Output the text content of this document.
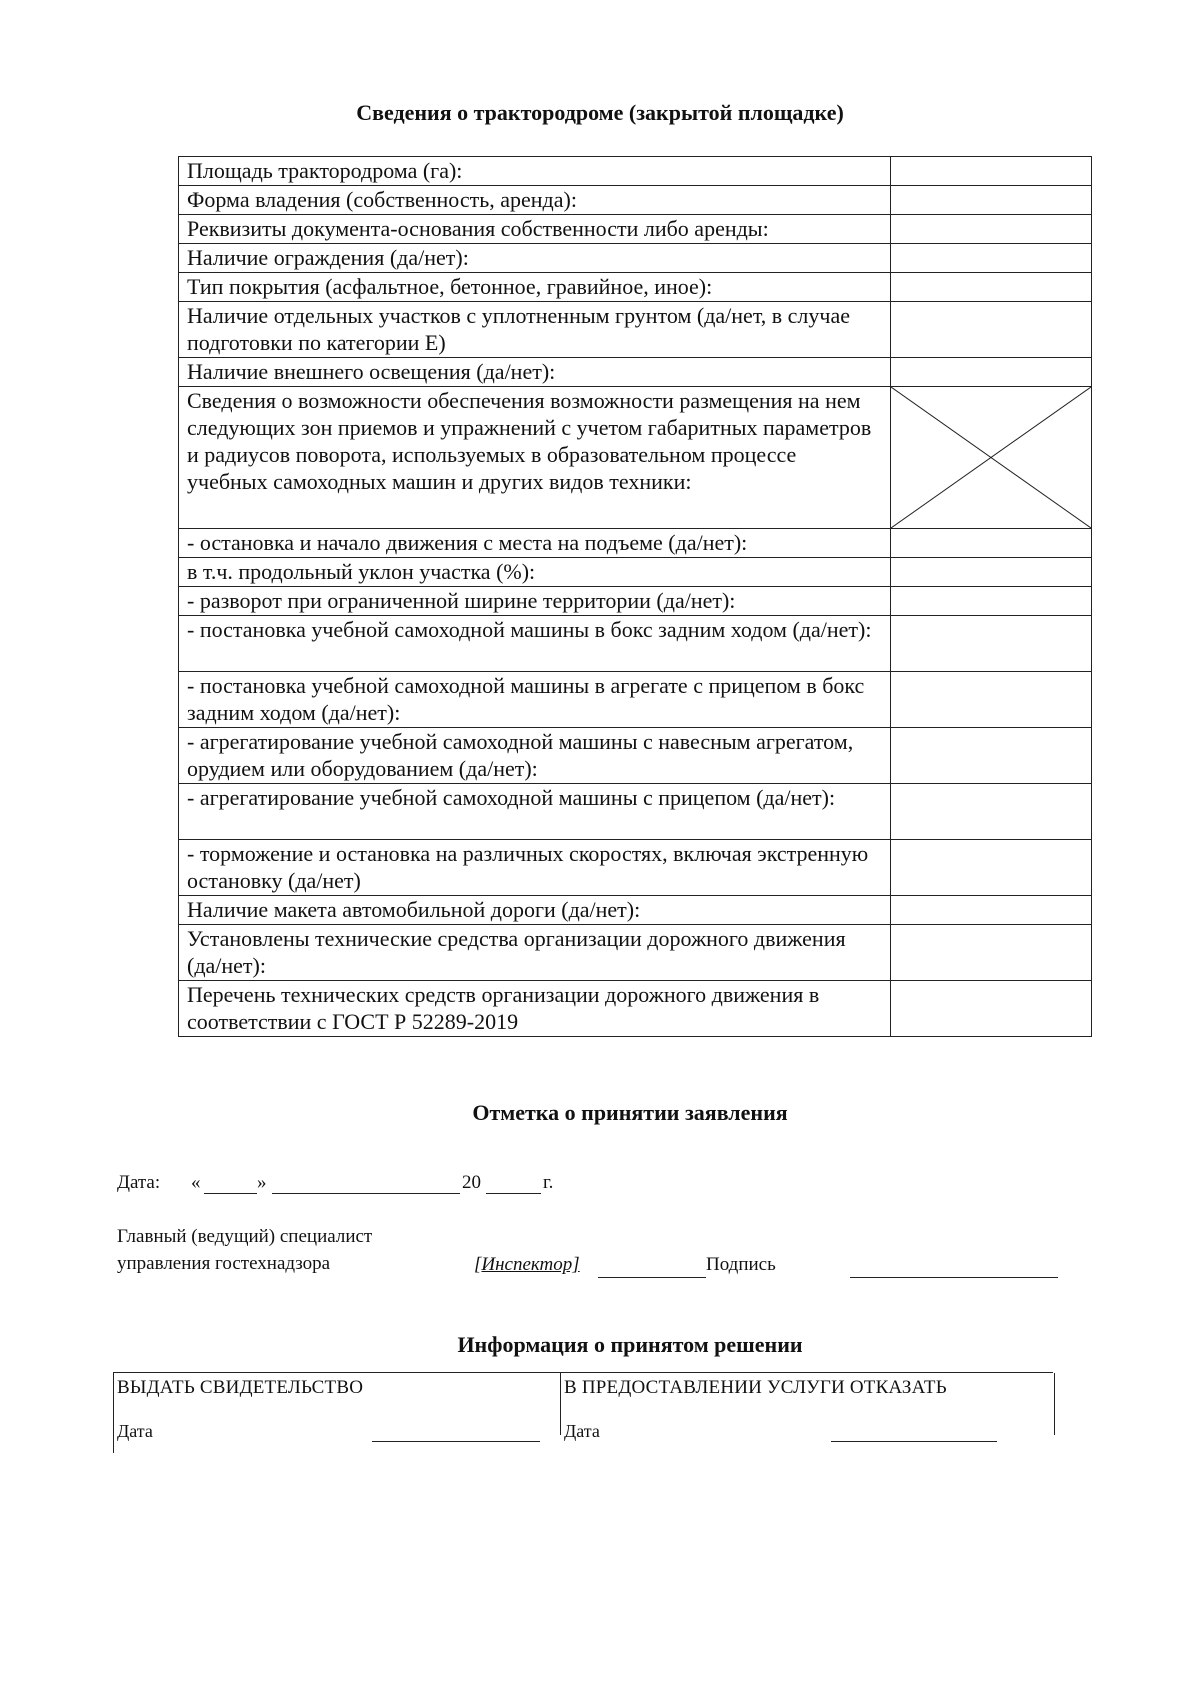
Сведения о трактородроме (закрытой площадке)
Площадь трактородрома (га):	
Форма владения (собственность, аренда):	
Реквизиты документа-основания собственности либо аренды:	
Наличие ограждения (да/нет):	
Тип покрытия (асфальтное, бетонное, гравийное, иное):	
Наличие отдельных участков с уплотненным грунтом (да/нет, в случае подготовки по категории Е)	
Наличие внешнего освещения (да/нет):	
Сведения о возможности обеспечения возможности размещения на нем следующих зон приемов и упражнений с учетом габаритных параметров и радиусов поворота, используемых в образовательном процессе учебных самоходных машин и других видов техники:	

- остановка и начало движения с места на подъеме (да/нет):	
в т.ч. продольный уклон участка (%):	
- разворот при ограниченной ширине территории (да/нет):	
- постановка учебной самоходной машины в бокс задним ходом (да/нет):	
- постановка учебной самоходной машины в агрегате с прицепом в бокс задним ходом (да/нет):	
- агрегатирование учебной самоходной машины с навесным агрегатом, орудием или оборудованием (да/нет):	
- агрегатирование учебной самоходной машины с прицепом (да/нет):	
- торможение и остановка на различных скоростях, включая экстренную остановку (да/нет)	
Наличие макета автомобильной дороги (да/нет):	
Установлены технические средства организации дорожного движения (да/нет):	
Перечень технических средств организации дорожного движения в соответствии с ГОСТ Р 52289-2019	
Отметка о принятии заявления
Дата: «	»	20	г.
Главный (ведущий) специалист
управления гостехнадзора	[Инспектор]	Подпись
Информация о принятом решении
ВЫДАТЬ СВИДЕТЕЛЬСТВО
Дата
В ПРЕДОСТАВЛЕНИИ УСЛУГИ ОТКАЗАТЬ
Дата
